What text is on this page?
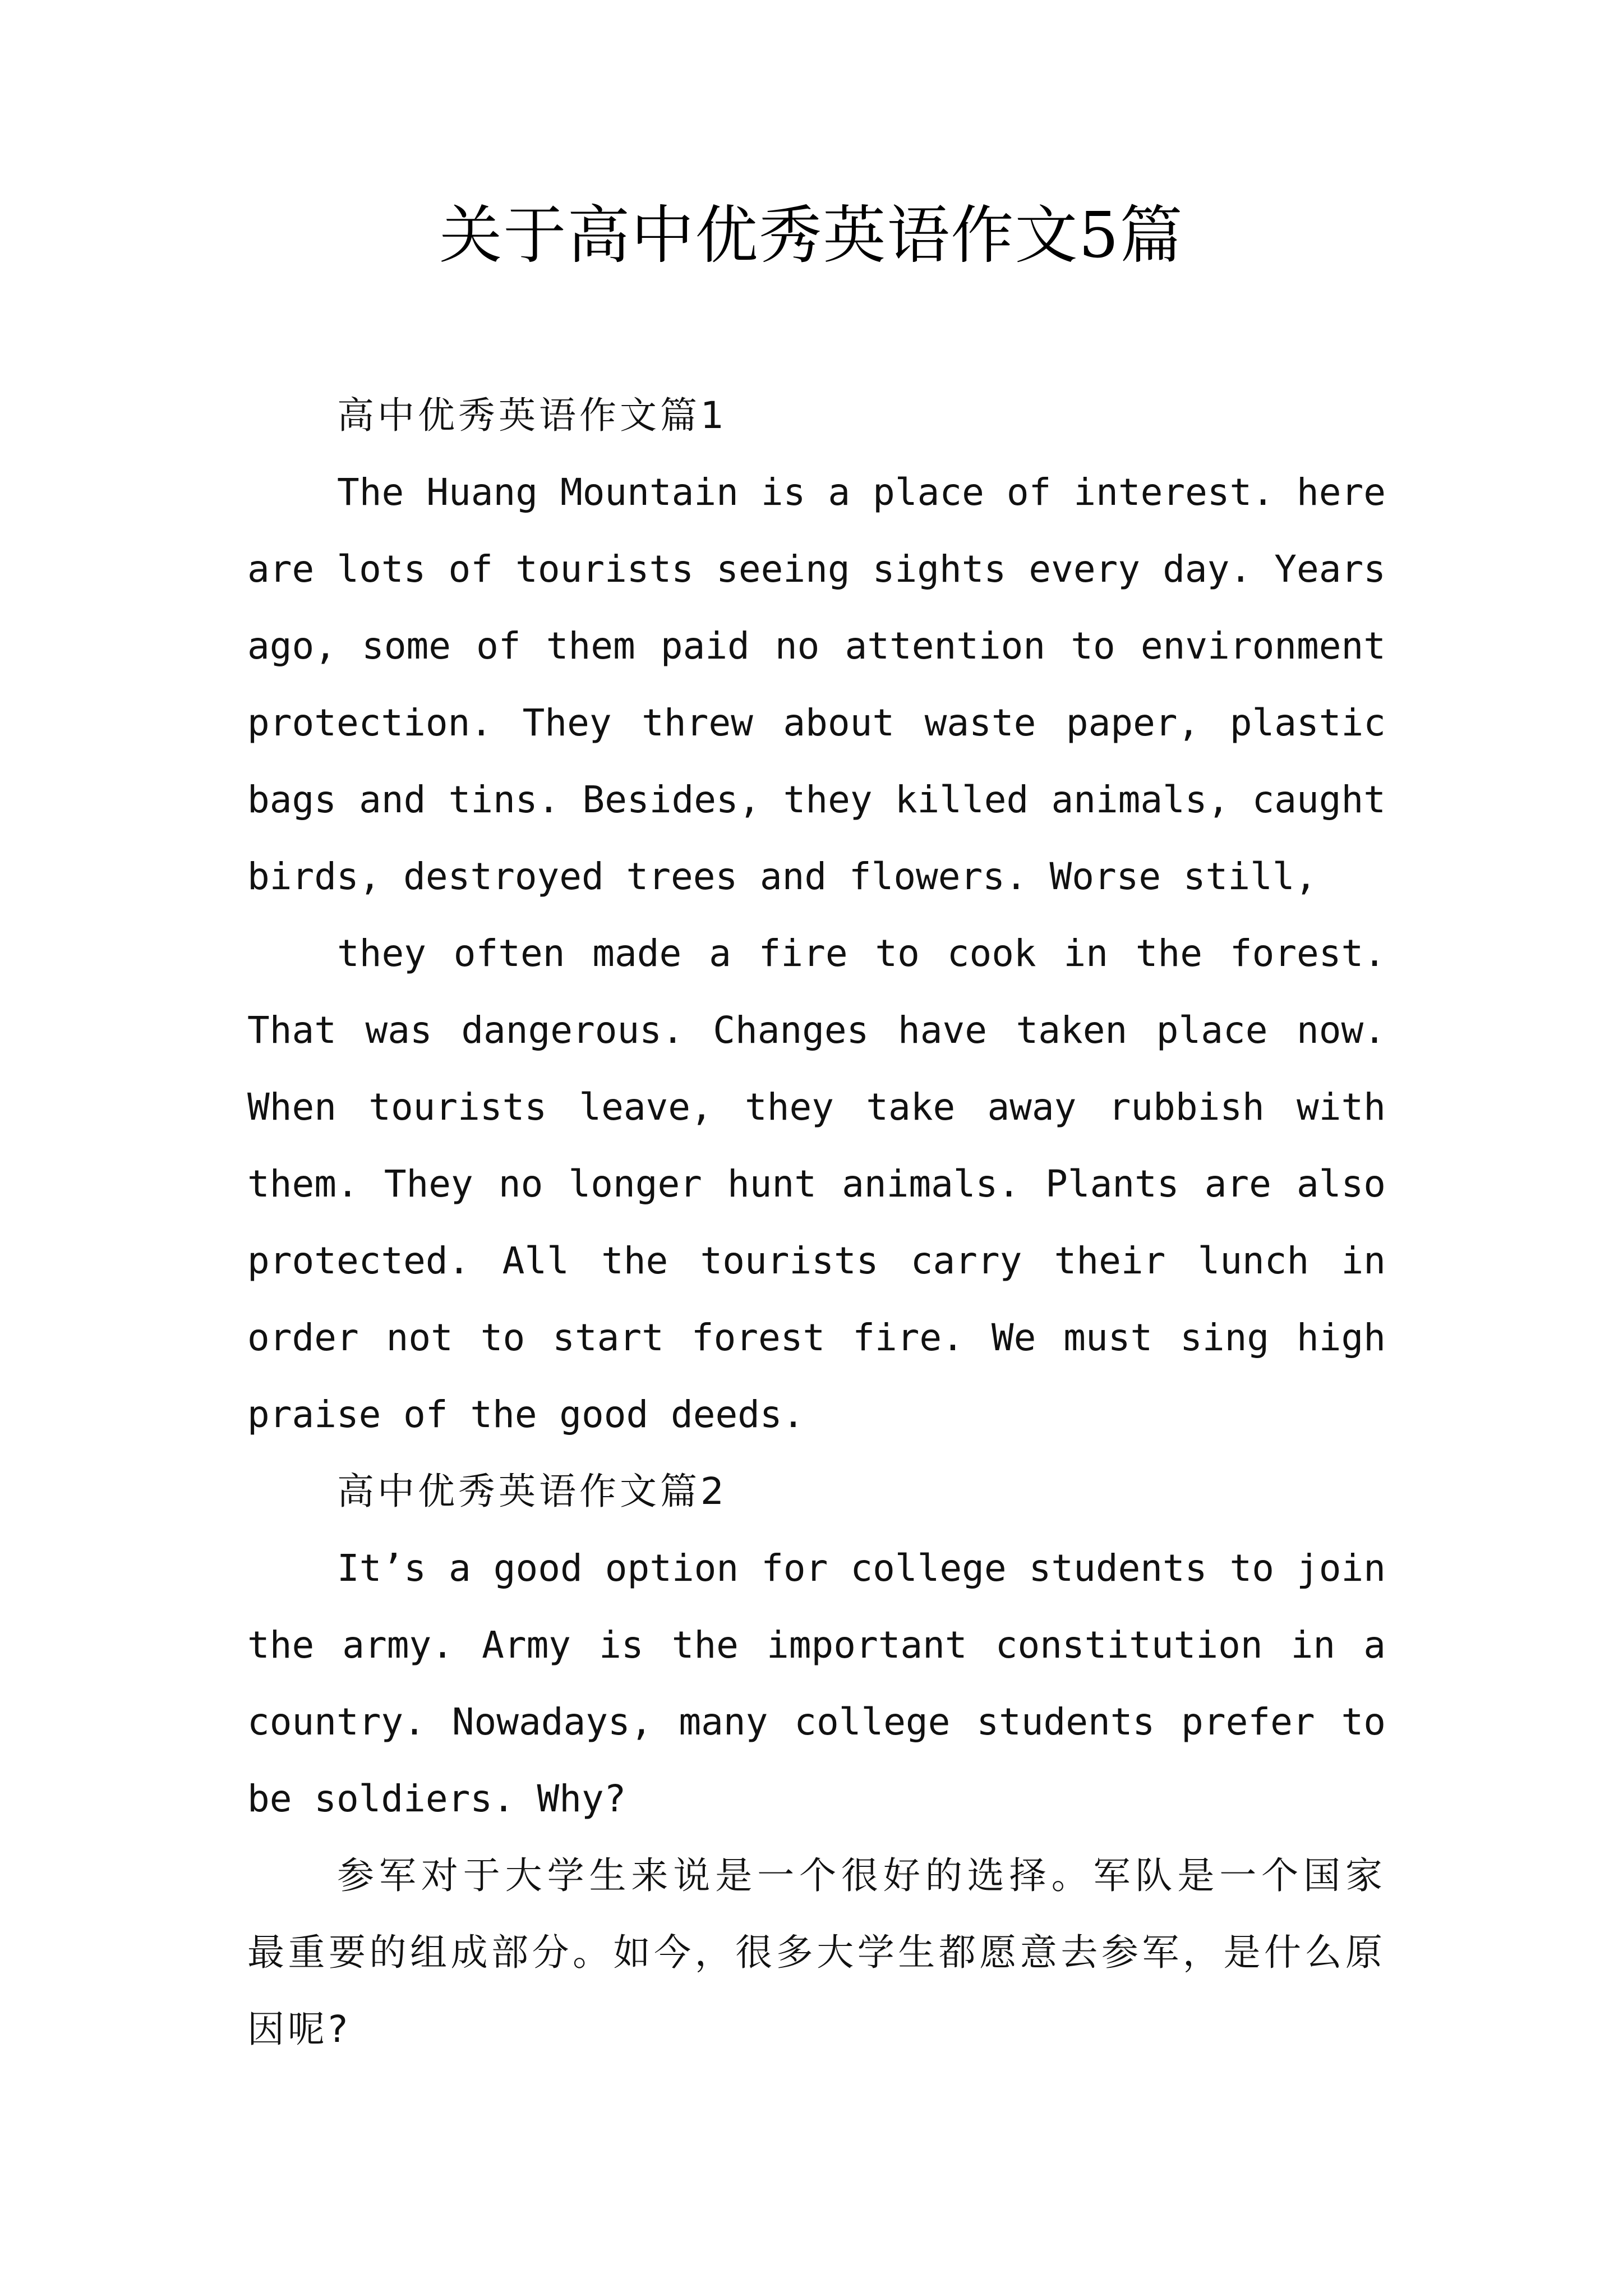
关于高中优秀英语作文5篇
高中优秀英语作文篇1

The Huang Mountain is a place of interest. here are lots of tourists seeing sights every day. Years ago, some of them paid no attention to environment protection. They threw about waste paper, plastic bags and tins. Besides, they killed animals, caught birds, destroyed trees and flowers. Worse still,

they often made a fire to cook in the forest. That was dangerous. Changes have taken place now. When tourists leave, they take away rubbish with them. They no longer hunt animals. Plants are also protected. All the tourists carry their lunch in order not to start forest fire. We must sing high praise of the good deeds.

高中优秀英语作文篇2

It’s a good option for college students to join the army. Army is the important constitution in a country. Nowadays, many college students prefer to be soldiers. Why?

参军对于大学生来说是一个很好的选择。军队是一个国家最重要的组成部分。如今，很多大学生都愿意去参军，是什么原因呢?
